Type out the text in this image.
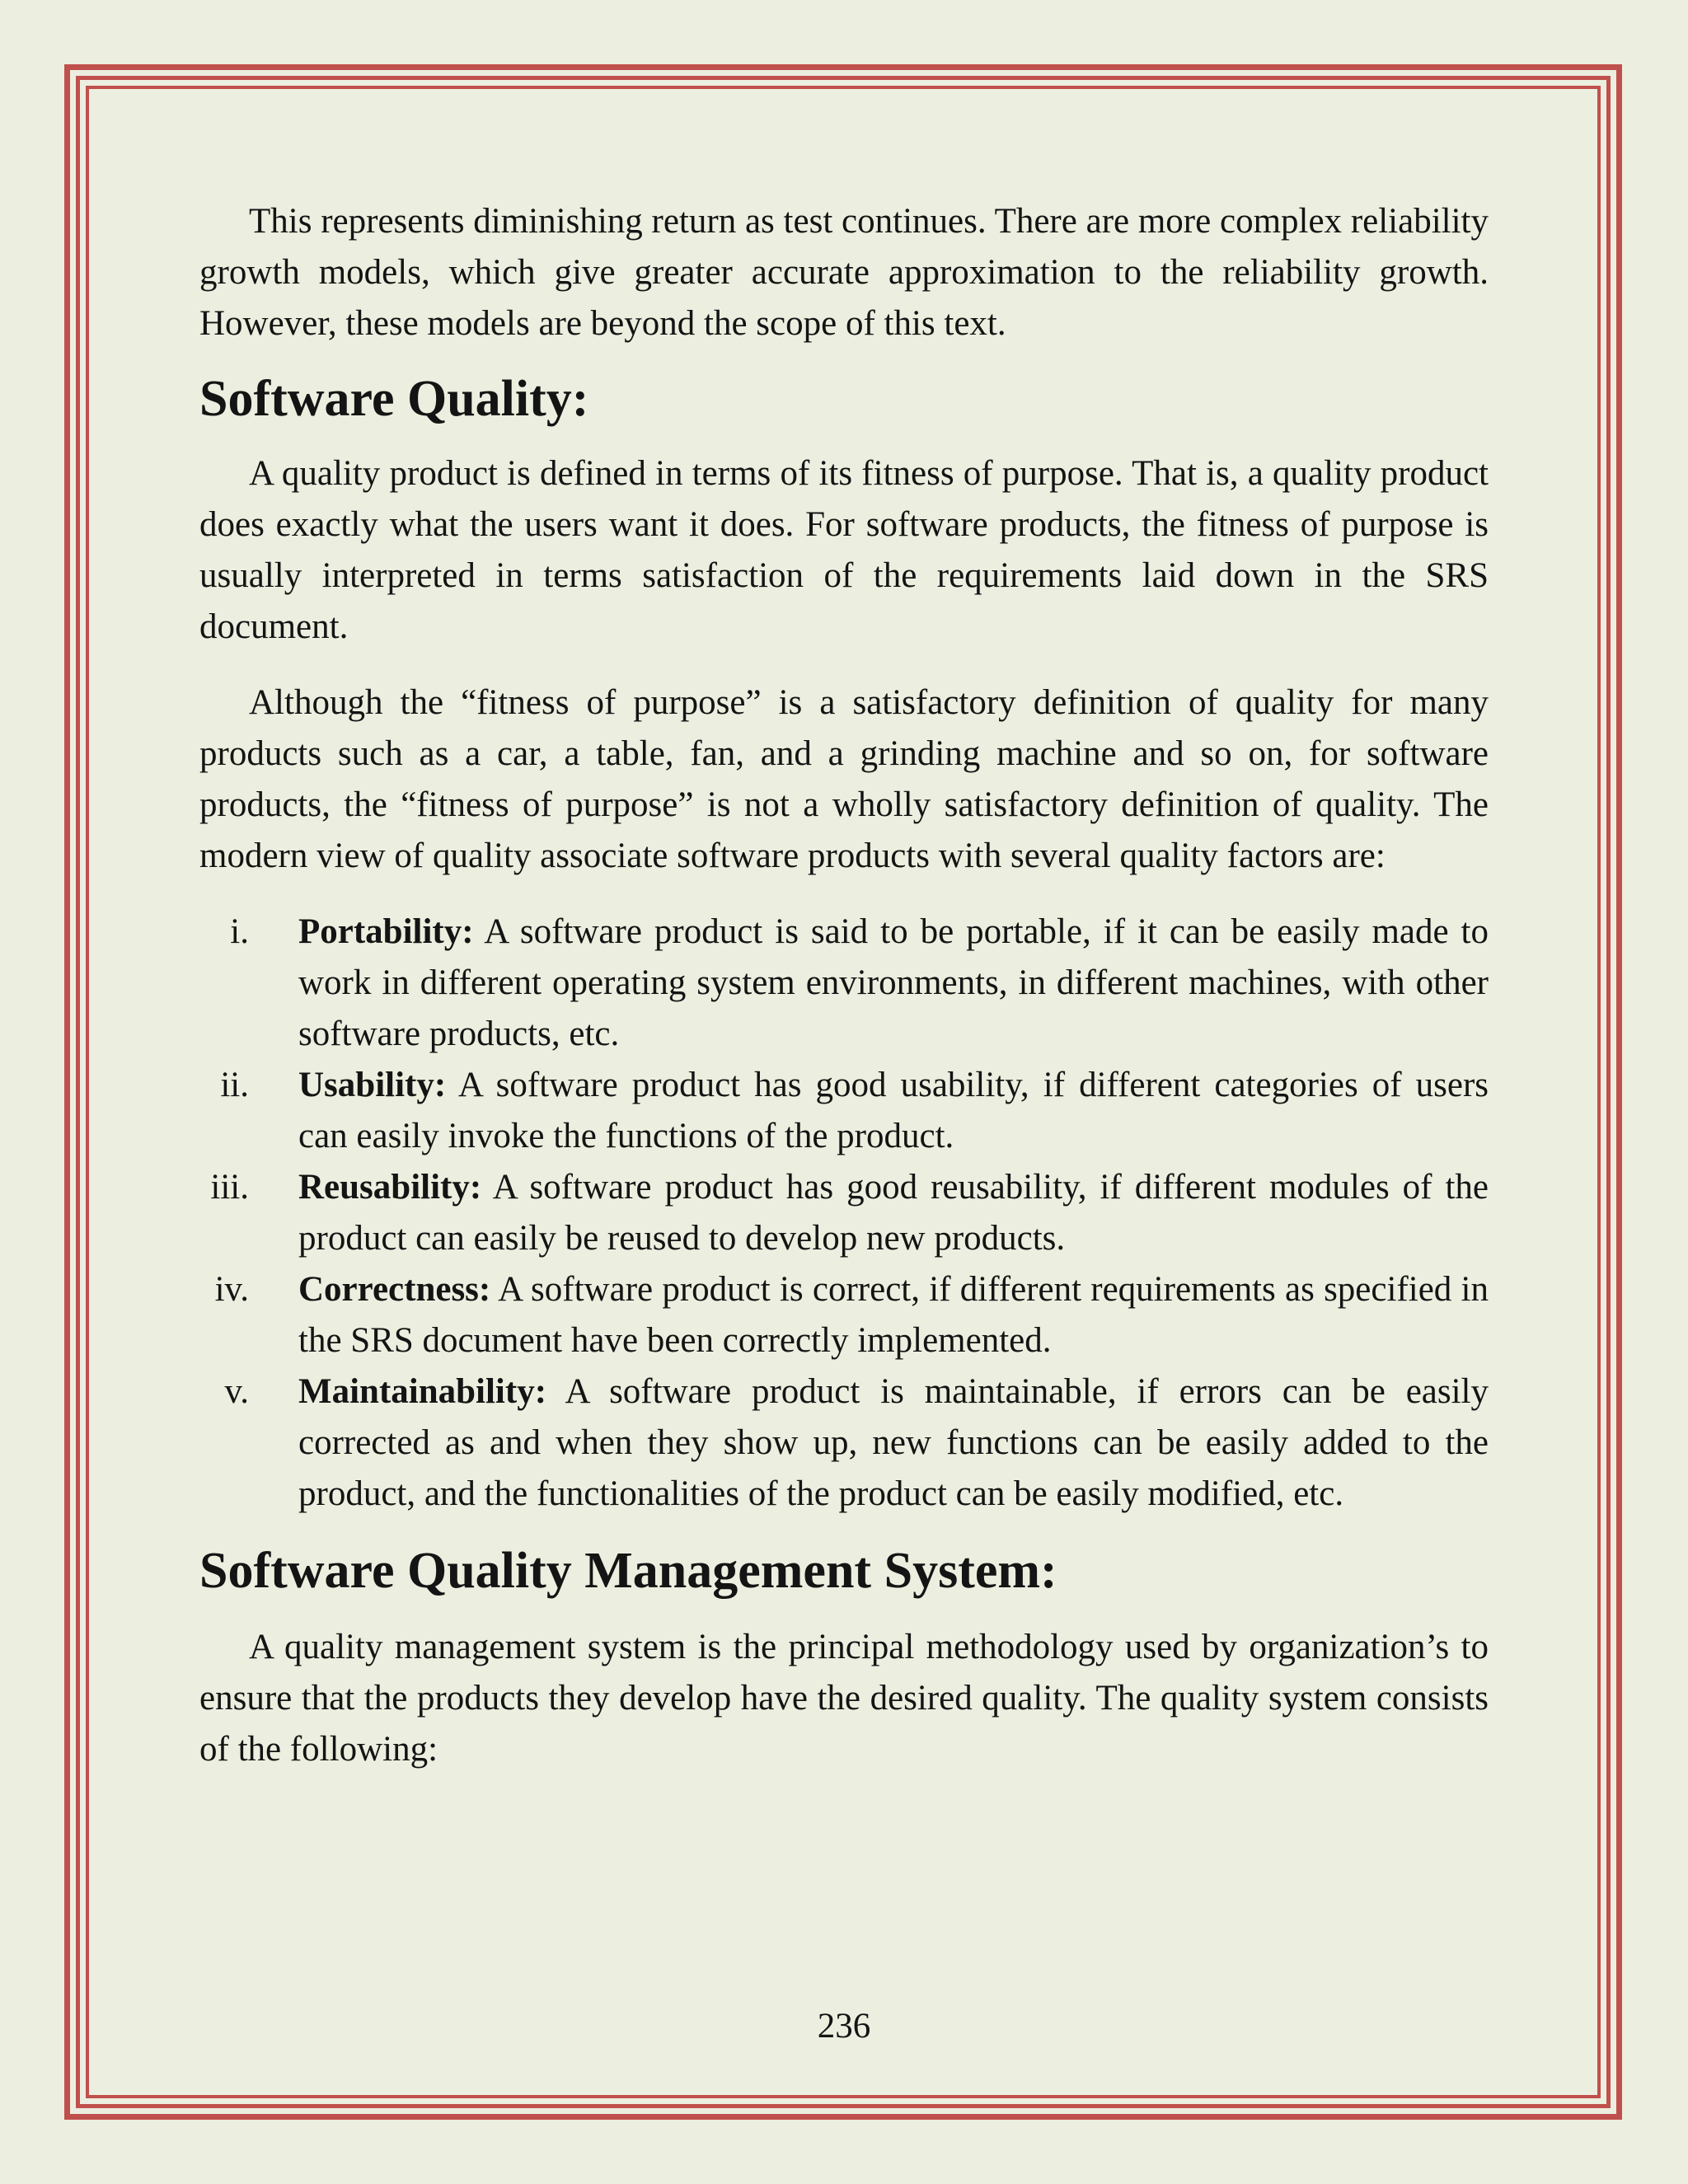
This represents diminishing return as test continues. There are more complex reliability growth models, which give greater accurate approximation to the reliability growth. However, these models are beyond the scope of this text.

Software Quality:

A quality product is defined in terms of its fitness of purpose. That is, a quality product does exactly what the users want it does. For software products, the fitness of purpose is usually interpreted in terms satisfaction of the requirements laid down in the SRS document.

Although the “fitness of purpose” is a satisfactory definition of quality for many products such as a car, a table, fan, and a grinding machine and so on, for software products, the “fitness of purpose” is not a wholly satisfactory definition of quality. The modern view of quality associate software products with several quality factors are:

i. Portability: A software product is said to be portable, if it can be easily made to work in different operating system environments, in different machines, with other software products, etc.
ii. Usability: A software product has good usability, if different categories of users can easily invoke the functions of the product.
iii. Reusability: A software product has good reusability, if different modules of the product can easily be reused to develop new products.
iv. Correctness: A software product is correct, if different requirements as specified in the SRS document have been correctly implemented.
v. Maintainability: A software product is maintainable, if errors can be easily corrected as and when they show up, new functions can be easily added to the product, and the functionalities of the product can be easily modified, etc.
Software Quality Management System:

A quality management system is the principal methodology used by organization’s to ensure that the products they develop have the desired quality. The quality system consists of the following:

236
